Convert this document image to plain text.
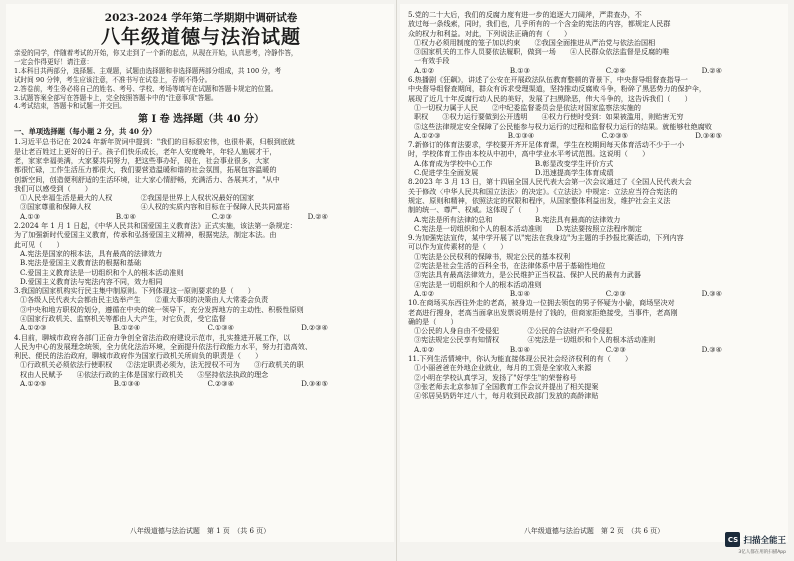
2023-2024 学年第二学期期中调研试卷
八年级道德与法治试题
亲爱的同学，伴随着考试的开始，你又走到了一个新的起点，从现在开始，认真思考，冷静作答，
一定会作得更好！请注意：
1.本科目共两部分，选择题、主观题，试题由选择题和非选择题两部分组成，共 100 分，考
试时间 90 分钟，考生应该注意，不准书写在试卷上，否则不得分。
2.答卷前，考生务必将自己的姓名、考号、学校、考场等填写在试题和答题卡规定的位置。
3.试题答案全部写在答题卡上，完全按照答题卡中的"注意事项"答题。
4.考试结束，答题卡和试题一并交回。
第 I 卷 选择题（共 40 分）
一、单项选择题（每小题 2 分，共 40 分）
1.习近平总书记在 2024 年新年贺词中提到："我们的目标很宏伟，也很朴素，归根到底就
是让老百姓过上更好的日子。孩子们快乐成长，老年人安度晚年，年轻人施展才干，
老，家家幸福美满，大家要共同努力，把这些事办好，现在，社会事业很多，大家
都很忙碌，工作生活压力都很大，我们要营造温暖和谐的社会氛围，拓展包容温暖的
创新空间，创造便利舒适的生活环境，让大家心情舒畅，充满活力、各展其才，"从中
我们可以感受到（　　）
①人民幸福生活是最大的人权　　　　②我国是世界上人权状况最好的国家
③国家尊重和保障人权　　　　　　　④人权的实质内容和目标在于保障人民共同富裕
A.①③	B.①④	C.②③	D.②④
2.2024 年 1 月 1 日起，《中华人民共和国爱国主义教育法》正式实施，该法第一条规定：
为了加强新时代爱国主义教育，传承和弘扬爱国主义精神，根据宪法，制定本法。由
此可见（　　）
A.宪法是国家的根本法，具有最高的法律效力
B.宪法是爱国主义教育法的根据和基础
C.爱国主义教育法是一切组织和个人的根本活动准则
D.爱国主义教育法与宪法内容不同，效力相同
3.我国的国家机构实行民主集中制原则。下列体现这一原则要求的是（　　）
①各级人民代表大会都由民主选举产生　　②重大事项的决策由人大常委会负责
③中央和地方职权的划分，遵循在中央的统一领导下，充分发挥地方的主动性、积极性原则
④国家行政机关、监察机关等都由人大产生，对它负责，受它监督
A.①②③	B.①②④	C.①③④	D.②③④
4.目前，聊城市政府各部门正奋力争创全省法治政府建设示范市，扎实推进开展工作，以
人民为中心的发展理念统领，全力优化法治环境，全面提升依法行政能力水平，努力打造高效、
利民、便民的法治政府，聊城市政府作为国家行政机关所肩负的职责是（　　）
①行政机关必须依法行使职权　　②法定职责必须为，法无授权不可为　　③行政机关的职
权由人民赋予　　④依法行政的主体是国家行政机关　　⑤坚持依法执政的理念
A.①②⑤	B.①③④	C.②③④	D.③④⑤
八年级道德与法治试题　第 1 页　（共 6 页）
5.党的二十大后，我们的反腐力度有进一步的追逐大刀阔斧，严肃查办，不
放过每一条线索，同时，我们也，几乎所有的一个含金的宪法的内容，都规定人民群
众的权力和利益。对此，下列说法正确的有（　　）
①权力必须用制度的笼子加以约束　　②我国全面推进从严治党与依法治国相
③国家机关的工作人员要依法履职，做到一场　　④人民群众依法监督是反腐的唯
一有效手段
A.①②	B.①③	C.②④	D.②④
6.热播剧《狂飙》，讲述了公安在开展政法队伍教育整顿的背景下，中央督导组督查指导一
中央督导组督查期间，群众有诉求受理渠道，坚持推动反腐败斗争，粉碎了黑恶势力的保护伞，
展现了近几十年反腐行动人民的美好，发展了扫黑除恶，伟大斗争的，这告诉我们（　　）
①一切权力属于人民　　②中纪委监督委员会是依法对国家监察法实施的
职权　　③权力运行要做到公开透明　　④权力行使时受到：如果被滥用，则贻害无穷
⑤这些法律规定安全保障了公民能参与权力运行的过程和监督权力运行的结果。就能够杜绝腐败
A.①②③	B.①③④	C.②③⑤	D.③④⑤
7.新修订的体育法要求，学校要开齐开足体育课，学生在校期间每天体育活动不少于一小
时，学校体育工作由本校从中初中，高中学业水平考试范围。这说明（　　）
A.体育成为学校中心工作　　　　　　B.彰显改变学生评价方式
C.促进学生全面发展　　　　　　　　D.迅速提高学生体育成绩
8.2023 年 3 月 13 日，第十四届全国人民代表大会第一次会议通过了《全国人民代表大会
关于修改〈中华人民共和国立法法〉的决定》。《立法法》中规定：立法应当符合宪法的
规定、原则和精神，依照法定的权限和程序，从国家整体利益出发，维护社会主义法
制的统一、尊严、权威。这体现了（　　）
A.宪法是所有法律的总和　　　　　　B.宪法具有最高的法律效力
C.宪法是一切组织和个人的根本活动准则　　D.宪法要按照立法程序制定
9.为加强宪法宣传，某中学开展了以"宪法在我身边"为主题的手抄报比赛活动，下列内容
可以作为宣传素材的是（　　）
①宪法是公民权利的保障书，规定公民的基本权利
②宪法是社会生活的百科全书，在法律体系中居于基础性地位
③宪法具有最高法律效力，是公民维护正当权益、保护人民的最有力武器
④宪法是一切组织和个人的根本活动准则
A.①②	B.①④	C.②③	D.③④
10.在商场买东西往外走的老高，被身边一位拥去领包的男子怀疑为小偷，商场坚决对
老高进行搜身，老高当面拿出发票说明是付了钱的，但商家拒绝接受，当事件，老高刚
确的是（　　）
①公民的人身自由不受侵犯　　　　②公民的合法财产不受侵犯
③宪法规定公民享有知情权　　　　④宪法是一切组织和个人的根本活动准则
A.①②	B.①④	C.②③	D.③④
11.下列生活情境中，你认为能直接体现公民社会经济权利的有（　　）
①小丽爸爸在外地企业就业，每月的工资是全家收入来源
②小明在学校认真学习，发扬了"好学生"的荣誉称号
③张老师去北京参加了全国教育工作会议并提出了相关提案
④邻居吴奶奶年过八十，每月收到民政部门发放的高龄津贴
八年级道德与法治试题　第 2 页　（共 6 页）
CS 扫描全能王
3亿人都在用的扫描App
